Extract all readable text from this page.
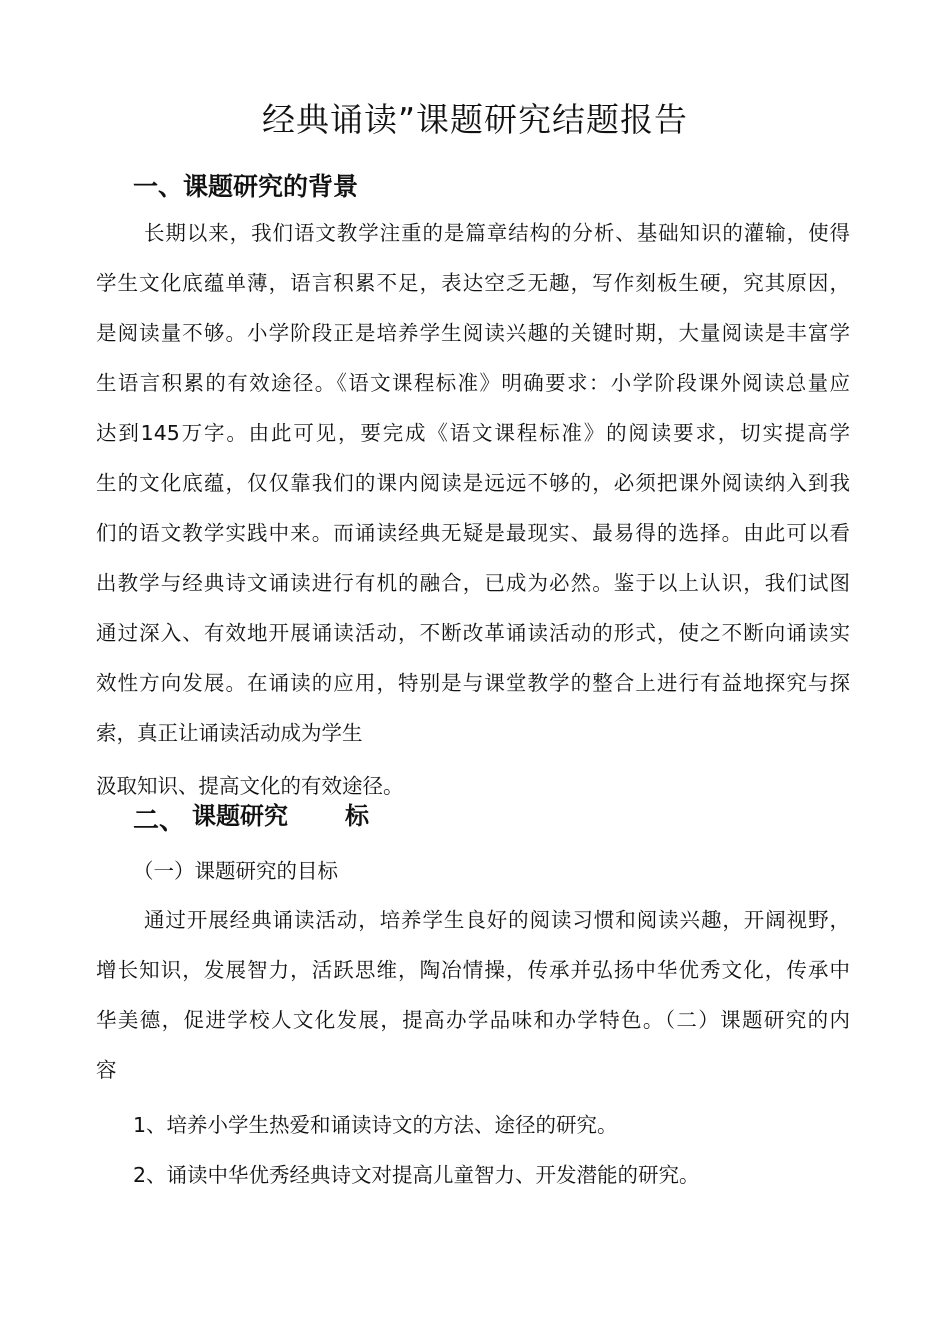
经典诵读”课题研究结题报告
一、课题研究的背景
长期以来，我们语文教学注重的是篇章结构的分析、基础知识的灌输，使得
学生文化底蕴单薄，语言积累不足，表达空乏无趣，写作刻板生硬，究其原因，
是阅读量不够。小学阶段正是培养学生阅读兴趣的关键时期，大量阅读是丰富学
生语言积累的有效途径。《语文课程标准》明确要求：小学阶段课外阅读总量应
达到145万字。由此可见，要完成《语文课程标准》的阅读要求，切实提高学
生的文化底蕴，仅仅靠我们的课内阅读是远远不够的，必须把课外阅读纳入到我
们的语文教学实践中来。而诵读经典无疑是最现实、最易得的选择。由此可以看
出教学与经典诗文诵读进行有机的融合，已成为必然。鉴于以上认识，我们试图
通过深入、有效地开展诵读活动，不断改革诵读活动的形式，使之不断向诵读实
效性方向发展。在诵读的应用，特别是与课堂教学的整合上进行有益地探究与探
索，真正让诵读活动成为学生
汲取知识、提高文化的有效途径。
二、 课题研究 标
（一）课题研究的目标
通过开展经典诵读活动，培养学生良好的阅读习惯和阅读兴趣，开阔视野，
增长知识，发展智力，活跃思维，陶冶情操，传承并弘扬中华优秀文化，传承中
华美德，促进学校人文化发展，提高办学品味和办学特色。（二）课题研究的内
容
1、培养小学生热爱和诵读诗文的方法、途径的研究。
2、诵读中华优秀经典诗文对提高儿童智力、开发潜能的研究。
